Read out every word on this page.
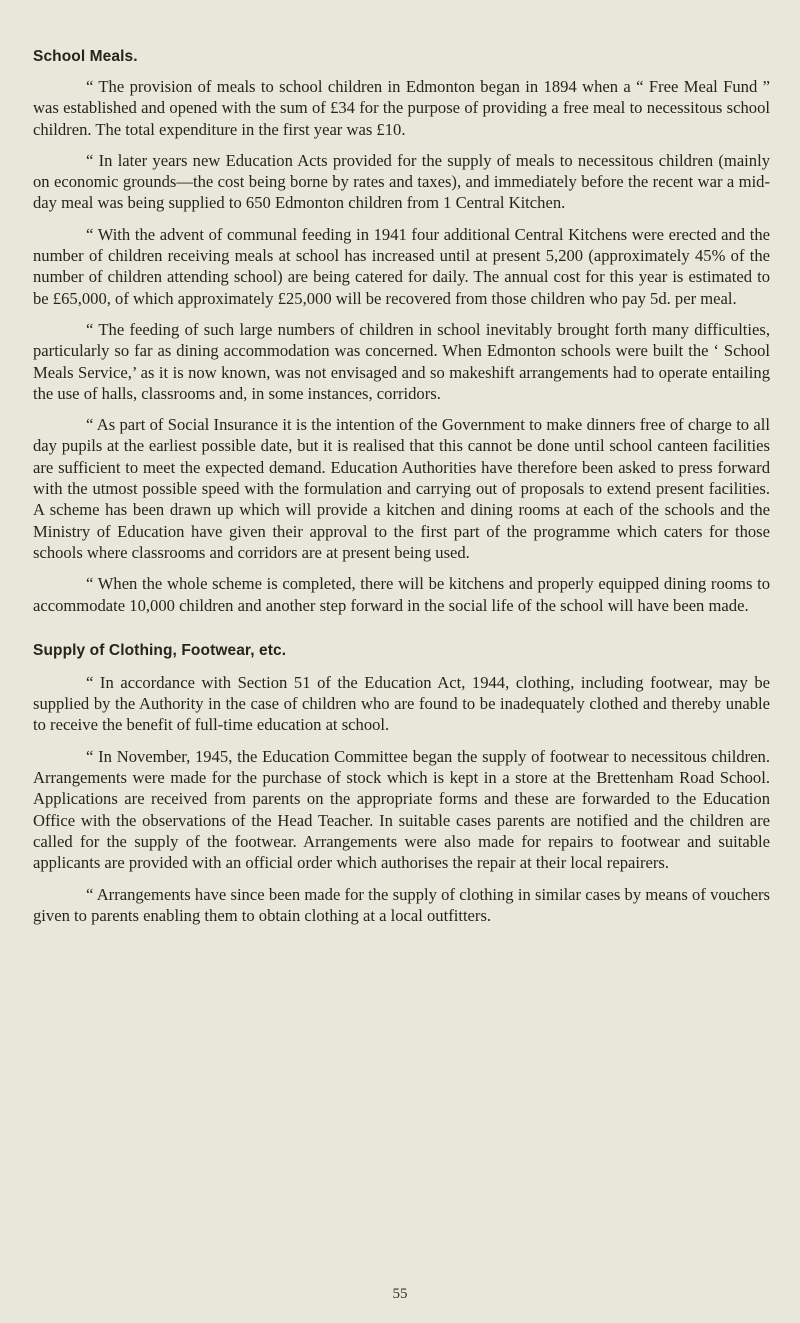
School Meals.

“ The provision of meals to school children in Edmonton began in 1894 when a “ Free Meal Fund ” was established and opened with the sum of £34 for the purpose of providing a free meal to necessitous school children. The total expenditure in the first year was £10.

“ In later years new Education Acts provided for the supply of meals to necessitous children (mainly on economic grounds—the cost being borne by rates and taxes), and immediately before the recent war a mid-day meal was being supplied to 650 Edmonton children from 1 Central Kitchen.

“ With the advent of communal feeding in 1941 four additional Central Kitchens were erected and the number of children receiving meals at school has increased until at present 5,200 (approximately 45% of the number of children attending school) are being catered for daily. The annual cost for this year is estimated to be £65,000, of which approximately £25,000 will be recovered from those children who pay 5d. per meal.

“ The feeding of such large numbers of children in school inevitably brought forth many difficulties, particularly so far as dining accommodation was concerned. When Edmonton schools were built the ‘ School Meals Service,’ as it is now known, was not envisaged and so makeshift arrangements had to operate entailing the use of halls, classrooms and, in some instances, corridors.

“ As part of Social Insurance it is the intention of the Government to make dinners free of charge to all day pupils at the earliest possible date, but it is realised that this cannot be done until school canteen facilities are sufficient to meet the expected demand. Education Authorities have therefore been asked to press forward with the utmost possible speed with the formulation and carrying out of proposals to extend present facilities. A scheme has been drawn up which will provide a kitchen and dining rooms at each of the schools and the Ministry of Education have given their approval to the first part of the programme which caters for those schools where classrooms and corridors are at present being used.

“ When the whole scheme is completed, there will be kitchens and properly equipped dining rooms to accommodate 10,000 children and another step forward in the social life of the school will have been made.

Supply of Clothing, Footwear, etc.

“ In accordance with Section 51 of the Education Act, 1944, clothing, including footwear, may be supplied by the Authority in the case of children who are found to be inadequately clothed and thereby unable to receive the benefit of full-time education at school.

“ In November, 1945, the Education Committee began the supply of footwear to necessitous children. Arrangements were made for the purchase of stock which is kept in a store at the Brettenham Road School. Applications are received from parents on the appropriate forms and these are forwarded to the Education Office with the observations of the Head Teacher. In suitable cases parents are notified and the children are called for the supply of the footwear. Arrangements were also made for repairs to footwear and suitable applicants are provided with an official order which authorises the repair at their local repairers.

“ Arrangements have since been made for the supply of clothing in similar cases by means of vouchers given to parents enabling them to obtain clothing at a local outfitters.

55
